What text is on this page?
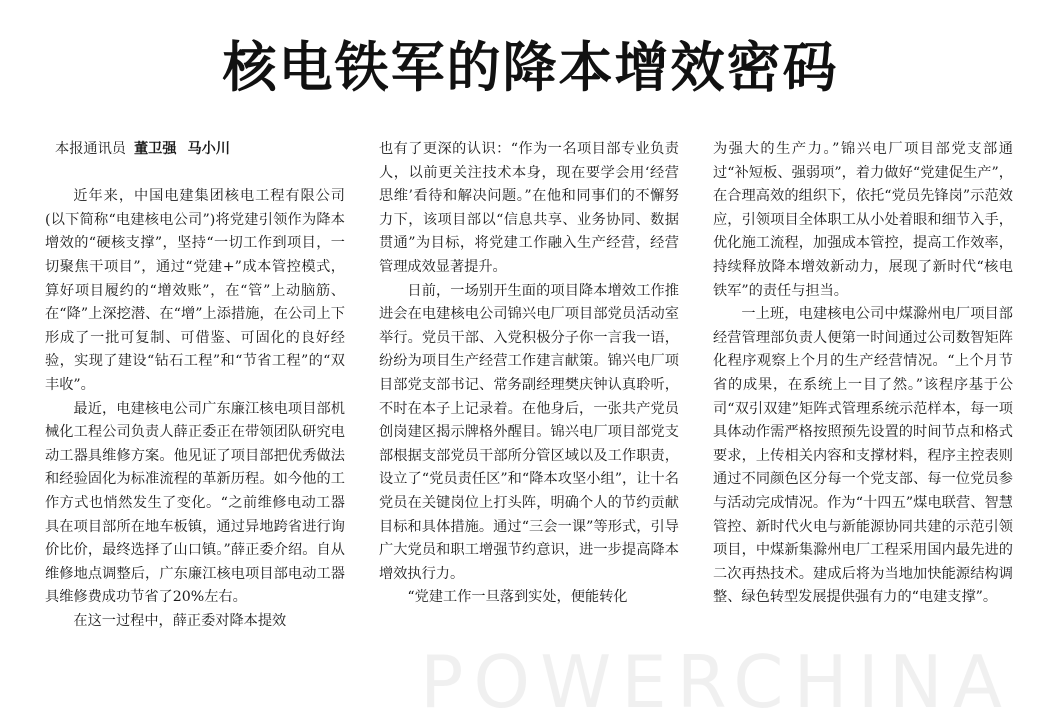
核电铁军的降本增效密码

本报通讯员 董卫强 马小川

近年来，中国电建集团核电工程有限公司(以下简称“电建核电公司”)将党建引领作为降本增效的“硬核支撑”，坚持“一切工作到项目，一切聚焦干项目”，通过“党建+”成本管控模式，算好项目履约的“增效账”，在“管”上动脑筋、在“降”上深挖潜、在“增”上添措施，在公司上下形成了一批可复制、可借鉴、可固化的良好经验，实现了建设“钻石工程”和“节省工程”的“双丰收”。

最近，电建核电公司广东廉江核电项目部机械化工程公司负责人薛正委正在带领团队研究电动工器具维修方案。他见证了项目部把优秀做法和经验固化为标准流程的革新历程。如今他的工作方式也悄然发生了变化。“之前维修电动工器具在项目部所在地车板镇，通过异地跨省进行询价比价，最终选择了山口镇。”薛正委介绍。自从维修地点调整后，广东廉江核电项目部电动工器具维修费成功节省了20%左右。

在这一过程中，薛正委对降本提效

也有了更深的认识：“作为一名项目部专业负责人，以前更关注技术本身，现在要学会用‘经营思维’看待和解决问题。”在他和同事们的不懈努力下，该项目部以“信息共享、业务协同、数据贯通”为目标，将党建工作融入生产经营，经营管理成效显著提升。

日前，一场别开生面的项目降本增效工作推进会在电建核电公司锦兴电厂项目部党员活动室举行。党员干部、入党积极分子你一言我一语，纷纷为项目生产经营工作建言献策。锦兴电厂项目部党支部书记、常务副经理樊庆钟认真聆听，不时在本子上记录着。在他身后，一张共产党员创岗建区揭示牌格外醒目。锦兴电厂项目部党支部根据支部党员干部所分管区域以及工作职责，设立了“党员责任区”和“降本攻坚小组”，让十名党员在关键岗位上打头阵，明确个人的节约贡献目标和具体措施。通过“三会一课”等形式，引导广大党员和职工增强节约意识，进一步提高降本增效执行力。

“党建工作一旦落到实处，便能转化

为强大的生产力。”锦兴电厂项目部党支部通过“补短板、强弱项”，着力做好“党建促生产”，在合理高效的组织下，依托“党员先锋岗”示范效应，引领项目全体职工从小处着眼和细节入手，优化施工流程，加强成本管控，提高工作效率，持续释放降本增效新动力，展现了新时代“核电铁军”的责任与担当。

一上班，电建核电公司中煤滁州电厂项目部经营管理部负责人便第一时间通过公司数智矩阵化程序观察上个月的生产经营情况。“上个月节省的成果，在系统上一目了然。”该程序基于公司“双引双建”矩阵式管理系统示范样本，每一项具体动作需严格按照预先设置的时间节点和格式要求，上传相关内容和支撑材料，程序主控表则通过不同颜色区分每一个党支部、每一位党员参与活动完成情况。作为“十四五”煤电联营、智慧管控、新时代火电与新能源协同共建的示范引领项目，中煤新集滁州电厂工程采用国内最先进的二次再热技术。建成后将为当地加快能源结构调整、绿色转型发展提供强有力的“电建支撑”。

POWERCHINA
